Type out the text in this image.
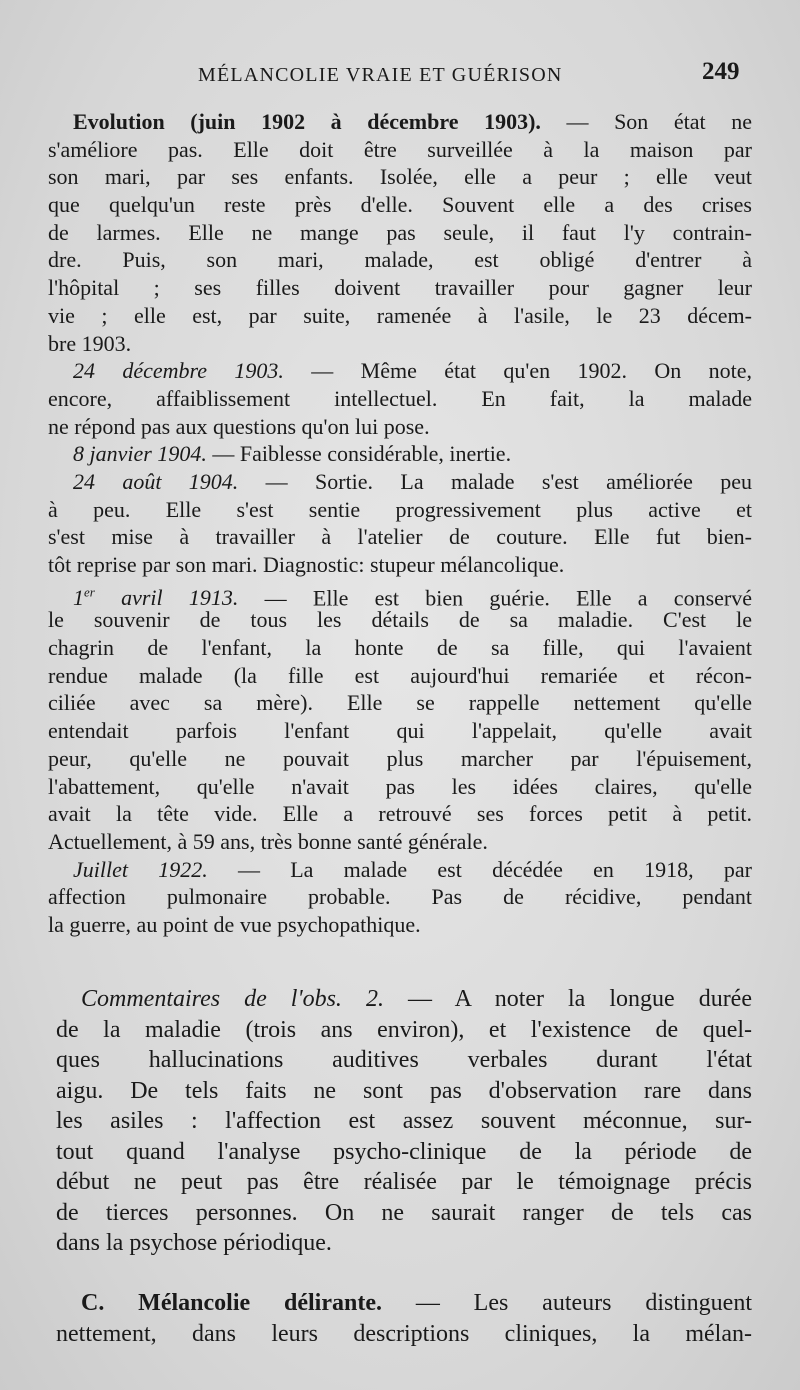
MÉLANCOLIE VRAIE ET GUÉRISON	249
Evolution (juin 1902 à décembre 1903). — Son état ne
s'améliore pas. Elle doit être surveillée à la maison par
son mari, par ses enfants. Isolée, elle a peur ; elle veut
que quelqu'un reste près d'elle. Souvent elle a des crises
de larmes. Elle ne mange pas seule, il faut l'y contrain-
dre. Puis, son mari, malade, est obligé d'entrer à
l'hôpital ; ses filles doivent travailler pour gagner leur
vie ; elle est, par suite, ramenée à l'asile, le 23 décem-
bre 1903.
24 décembre 1903. — Même état qu'en 1902. On note,
encore, affaiblissement intellectuel. En fait, la malade
ne répond pas aux questions qu'on lui pose.
8 janvier 1904. — Faiblesse considérable, inertie.
24 août 1904. — Sortie. La malade s'est améliorée peu
à peu. Elle s'est sentie progressivement plus active et
s'est mise à travailler à l'atelier de couture. Elle fut bien-
tôt reprise par son mari. Diagnostic: stupeur mélancolique.
1er avril 1913. — Elle est bien guérie. Elle a conservé
le souvenir de tous les détails de sa maladie. C'est le
chagrin de l'enfant, la honte de sa fille, qui l'avaient
rendue malade (la fille est aujourd'hui remariée et récon-
ciliée avec sa mère). Elle se rappelle nettement qu'elle
entendait parfois l'enfant qui l'appelait, qu'elle avait
peur, qu'elle ne pouvait plus marcher par l'épuisement,
l'abattement, qu'elle n'avait pas les idées claires, qu'elle
avait la tête vide. Elle a retrouvé ses forces petit à petit.
Actuellement, à 59 ans, très bonne santé générale.
Juillet 1922. — La malade est décédée en 1918, par
affection pulmonaire probable. Pas de récidive, pendant
la guerre, au point de vue psychopathique.
Commentaires de l'obs. 2. — A noter la longue durée
de la maladie (trois ans environ), et l'existence de quel-
ques hallucinations auditives verbales durant l'état
aigu. De tels faits ne sont pas d'observation rare dans
les asiles : l'affection est assez souvent méconnue, sur-
tout quand l'analyse psycho-clinique de la période de
début ne peut pas être réalisée par le témoignage précis
de tierces personnes. On ne saurait ranger de tels cas
dans la psychose périodique.
C. Mélancolie délirante. — Les auteurs distinguent
nettement, dans leurs descriptions cliniques, la mélan-
